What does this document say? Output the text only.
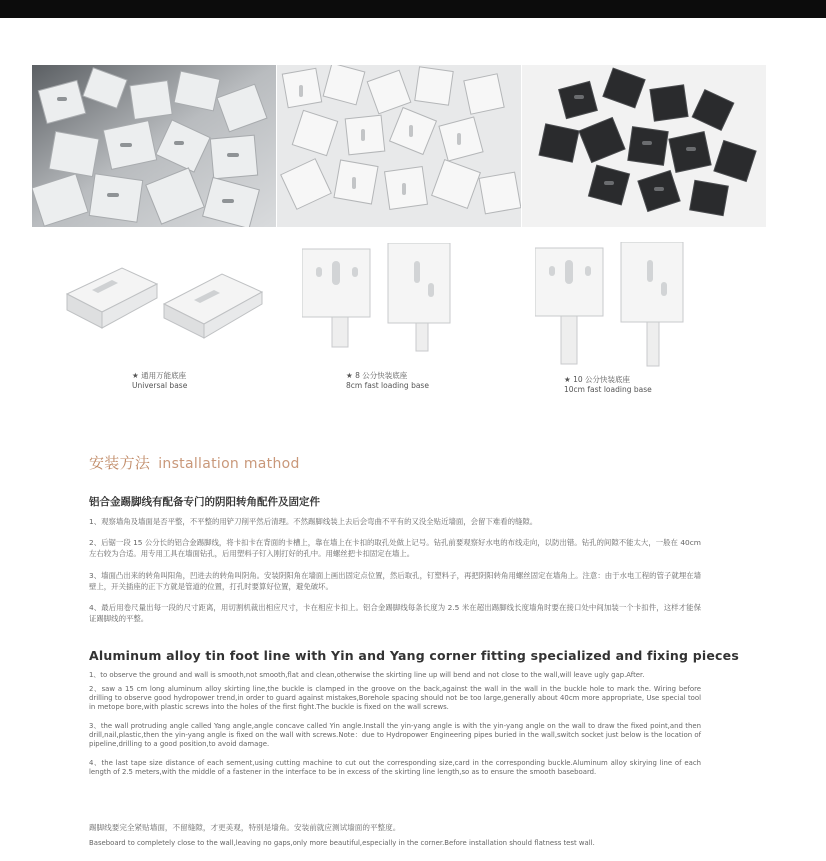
★ 通用万能底座
Universal base
★ 8 公分快装底座
8cm fast loading base
★ 10 公分快装底座
10cm fast loading base
安装方法 installation mathod
铝合金踢脚线有配备专门的阴阳转角配件及固定件
1、观察墙角及墙面是否平整，不平整的用铲刀削平然后清理。不然踢脚线装上去后会弯曲不平有的又没全贴近墙面，会留下难看的缝隙。
2、后锯一段 15 公分长的铝合金踢脚线，将卡扣卡在背面的卡槽上，靠在墙上在卡扣的取孔处做上记号。钻孔前要观察好水电的布线走向，以防出错。钻孔的间隙不能太大，一般在 40cm 左右较为合适。用专用工具在墙面钻孔，后用塑料子钉入刚打好的孔中。用螺丝把卡扣固定在墙上。
3、墙面凸出来的转角叫阳角，凹进去的转角叫阴角。安装阴阳角在墙面上画出固定点位置，然后取孔，钉塑料子，再把阴阳转角用螺丝固定在墙角上。注意：由于水电工程的管子就埋在墙壁上，开关插座的正下方就是管道的位置，打孔时要算好位置，避免破坏。
4、最后用卷尺量出每一段的尺寸距离，用切割机裁出相应尺寸，卡在相应卡扣上。铝合金踢脚线每条长度为 2.5 米在超出踢脚线长度墙角时要在接口处中间加装一个卡扣件，这样才能保证踢脚线的平整。
Aluminum alloy tin foot line with Yin and Yang corner fitting specialized and fixing pieces
1、to observe the ground and wall is smooth,not smooth,flat and clean,otherwise the skirting line up will bend and not close to the wall,will leave ugly gap.After.
2、saw a 15 cm long aluminum alloy skirting line,the buckle is clamped in the groove on the back,against the wall in the wall in the buckle hole to mark the. Wiring before drilling to observe good hydropower trend,in order to guard against mistakes,Borehole spacing should not be too large,generally about 40cm more appropriate, Use special tool in metope bore,with plastic screws into the holes of the first fight.The buckle is fixed on the wall screws.
3、the wall protruding angle called Yang angle,angle concave called Yin angle.Install the yin-yang angle is with the yin-yang angle on the wall to draw the fixed point,and then drill,nail,plastic,then the yin-yang angle is fixed on the wall with screws.Note：due to Hydropower Engineering pipes buried in the wall,switch socket just below is the location of pipeline,drilling to a good position,to avoid damage.
4、the last tape size distance of each sement,using cutting machine to cut out the corresponding size,card in the corresponding buckle.Aluminum alloy skirying line of each length of 2.5 meters,with the middle of a fastener in the interface to be in excess of the skirting line length,so as to ensure the smooth baseboard.
踢脚线要完全紧贴墙面，不留缝隙，才更美观，特别是墙角。安装前就应测试墙面的平整度。
Baseboard to completely close to the wall,leaving no gaps,only more beautiful,especially in the corner.Before installation should flatness test wall.
